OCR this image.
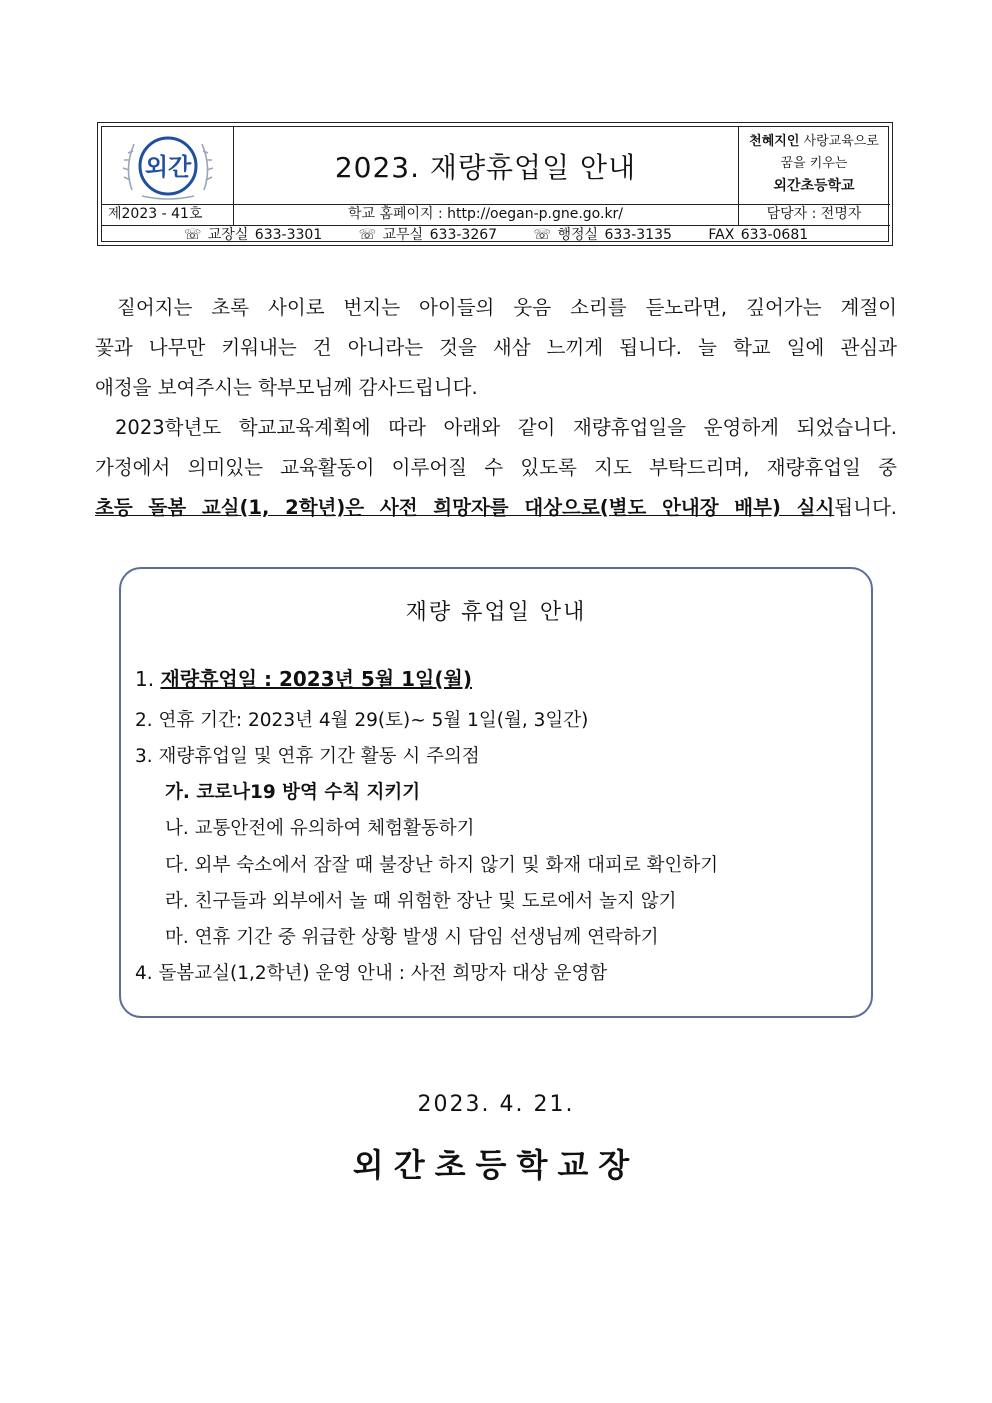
외간	2023. 재량휴업일 안내
천혜지인 사랑교육으로
꿈을 키우는
외간초등학교
제2023 - 41호	학교 홈페이지 : http://oegan-p.gne.go.kr/	담당자 : 전명자
☏ 교장실 633-3301	☏ 교무실 633-3267	☏ 행정실 633-3135	FAX 633-0681

짙어지는 초록 사이로 번지는 아이들의 웃음 소리를 듣노라면, 깊어가는 계절이

꽃과 나무만 키워내는 건 아니라는 것을 새삼 느끼게 됩니다. 늘 학교 일에 관심과

애정을 보여주시는 학부모님께 감사드립니다.

2023학년도 학교교육계획에 따라 아래와 같이 재량휴업일을 운영하게 되었습니다.

가정에서 의미있는 교육활동이 이루어질 수 있도록 지도 부탁드리며, 재량휴업일 중

초등 돌봄 교실(1, 2학년)은 사전 희망자를 대상으로(별도 안내장 배부) 실시됩니다.

재량 휴업일 안내
1. 재량휴업일 : 2023년 5월 1일(월)
2. 연휴 기간: 2023년 4월 29(토)~ 5월 1일(월, 3일간)
3. 재량휴업일 및 연휴 기간 활동 시 주의점
가. 코로나19 방역 수칙 지키기
나. 교통안전에 유의하여 체험활동하기
다. 외부 숙소에서 잠잘 때 불장난 하지 않기 및 화재 대피로 확인하기
라. 친구들과 외부에서 놀 때 위험한 장난 및 도로에서 놀지 않기
마. 연휴 기간 중 위급한 상황 발생 시 담임 선생님께 연락하기
4. 돌봄교실(1,2학년) 운영 안내 : 사전 희망자 대상 운영함
2023. 4. 21.
외간초등학교장
